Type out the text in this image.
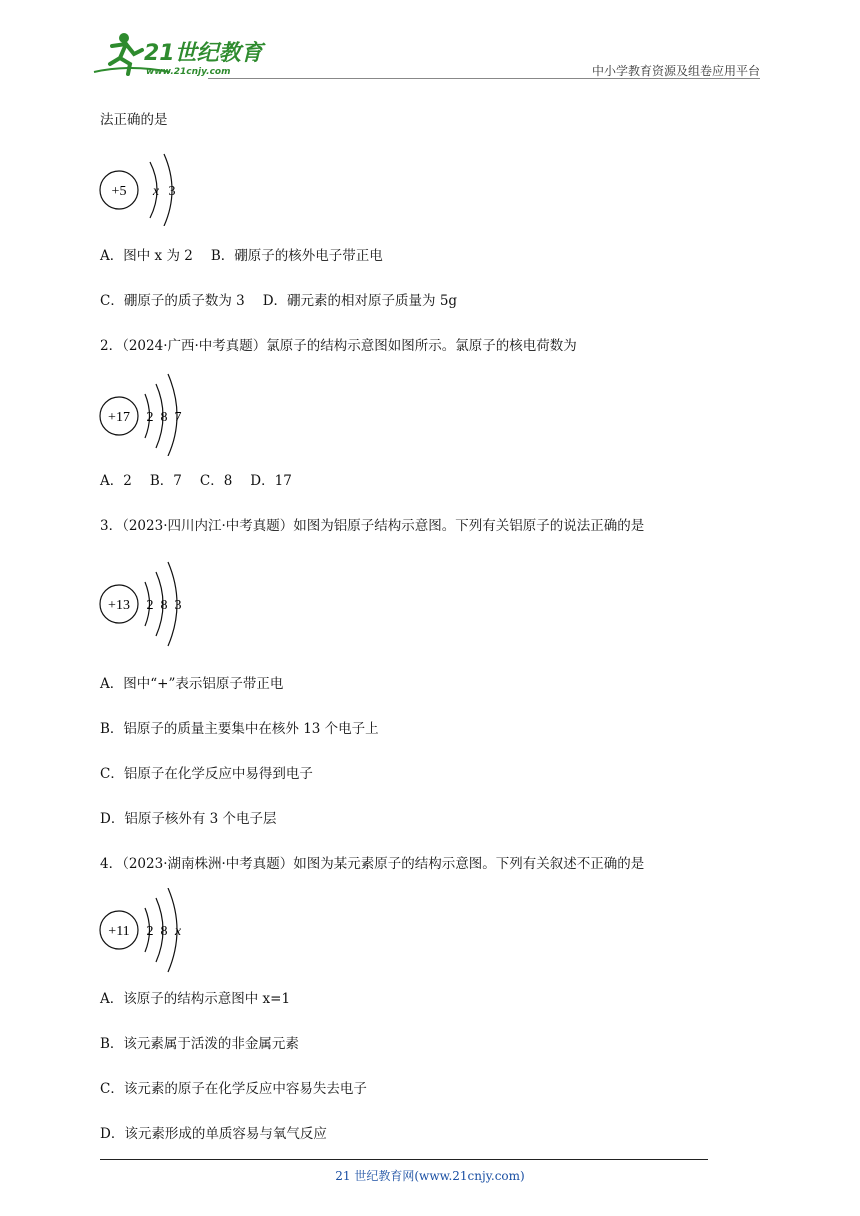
21世纪教育
www.21cnjy.com	中小学教育资源及组卷应用平台
法正确的是
+5 x 3
A．图中 x 为 2 B．硼原子的核外电子带正电
C．硼原子的质子数为 3 D．硼元素的相对原子质量为 5g
2．（2024·广西·中考真题）氯原子的结构示意图如图所示。氯原子的核电荷数为
+17 2 8 7
A．2 B．7 C．8 D．17
3．（2023·四川内江·中考真题）如图为铝原子结构示意图。下列有关铝原子的说法正确的是
+13 2 8 3
A．图中“+”表示铝原子带正电
B．铝原子的质量主要集中在核外 13 个电子上
C．铝原子在化学反应中易得到电子
D．铝原子核外有 3 个电子层
4．（2023·湖南株洲·中考真题）如图为某元素原子的结构示意图。下列有关叙述不正确的是
+11 2 8 x
A．该原子的结构示意图中 x=1
B．该元素属于活泼的非金属元素
C．该元素的原子在化学反应中容易失去电子
D．该元素形成的单质容易与氧气反应
21 世纪教育网(www.21cnjy.com)
